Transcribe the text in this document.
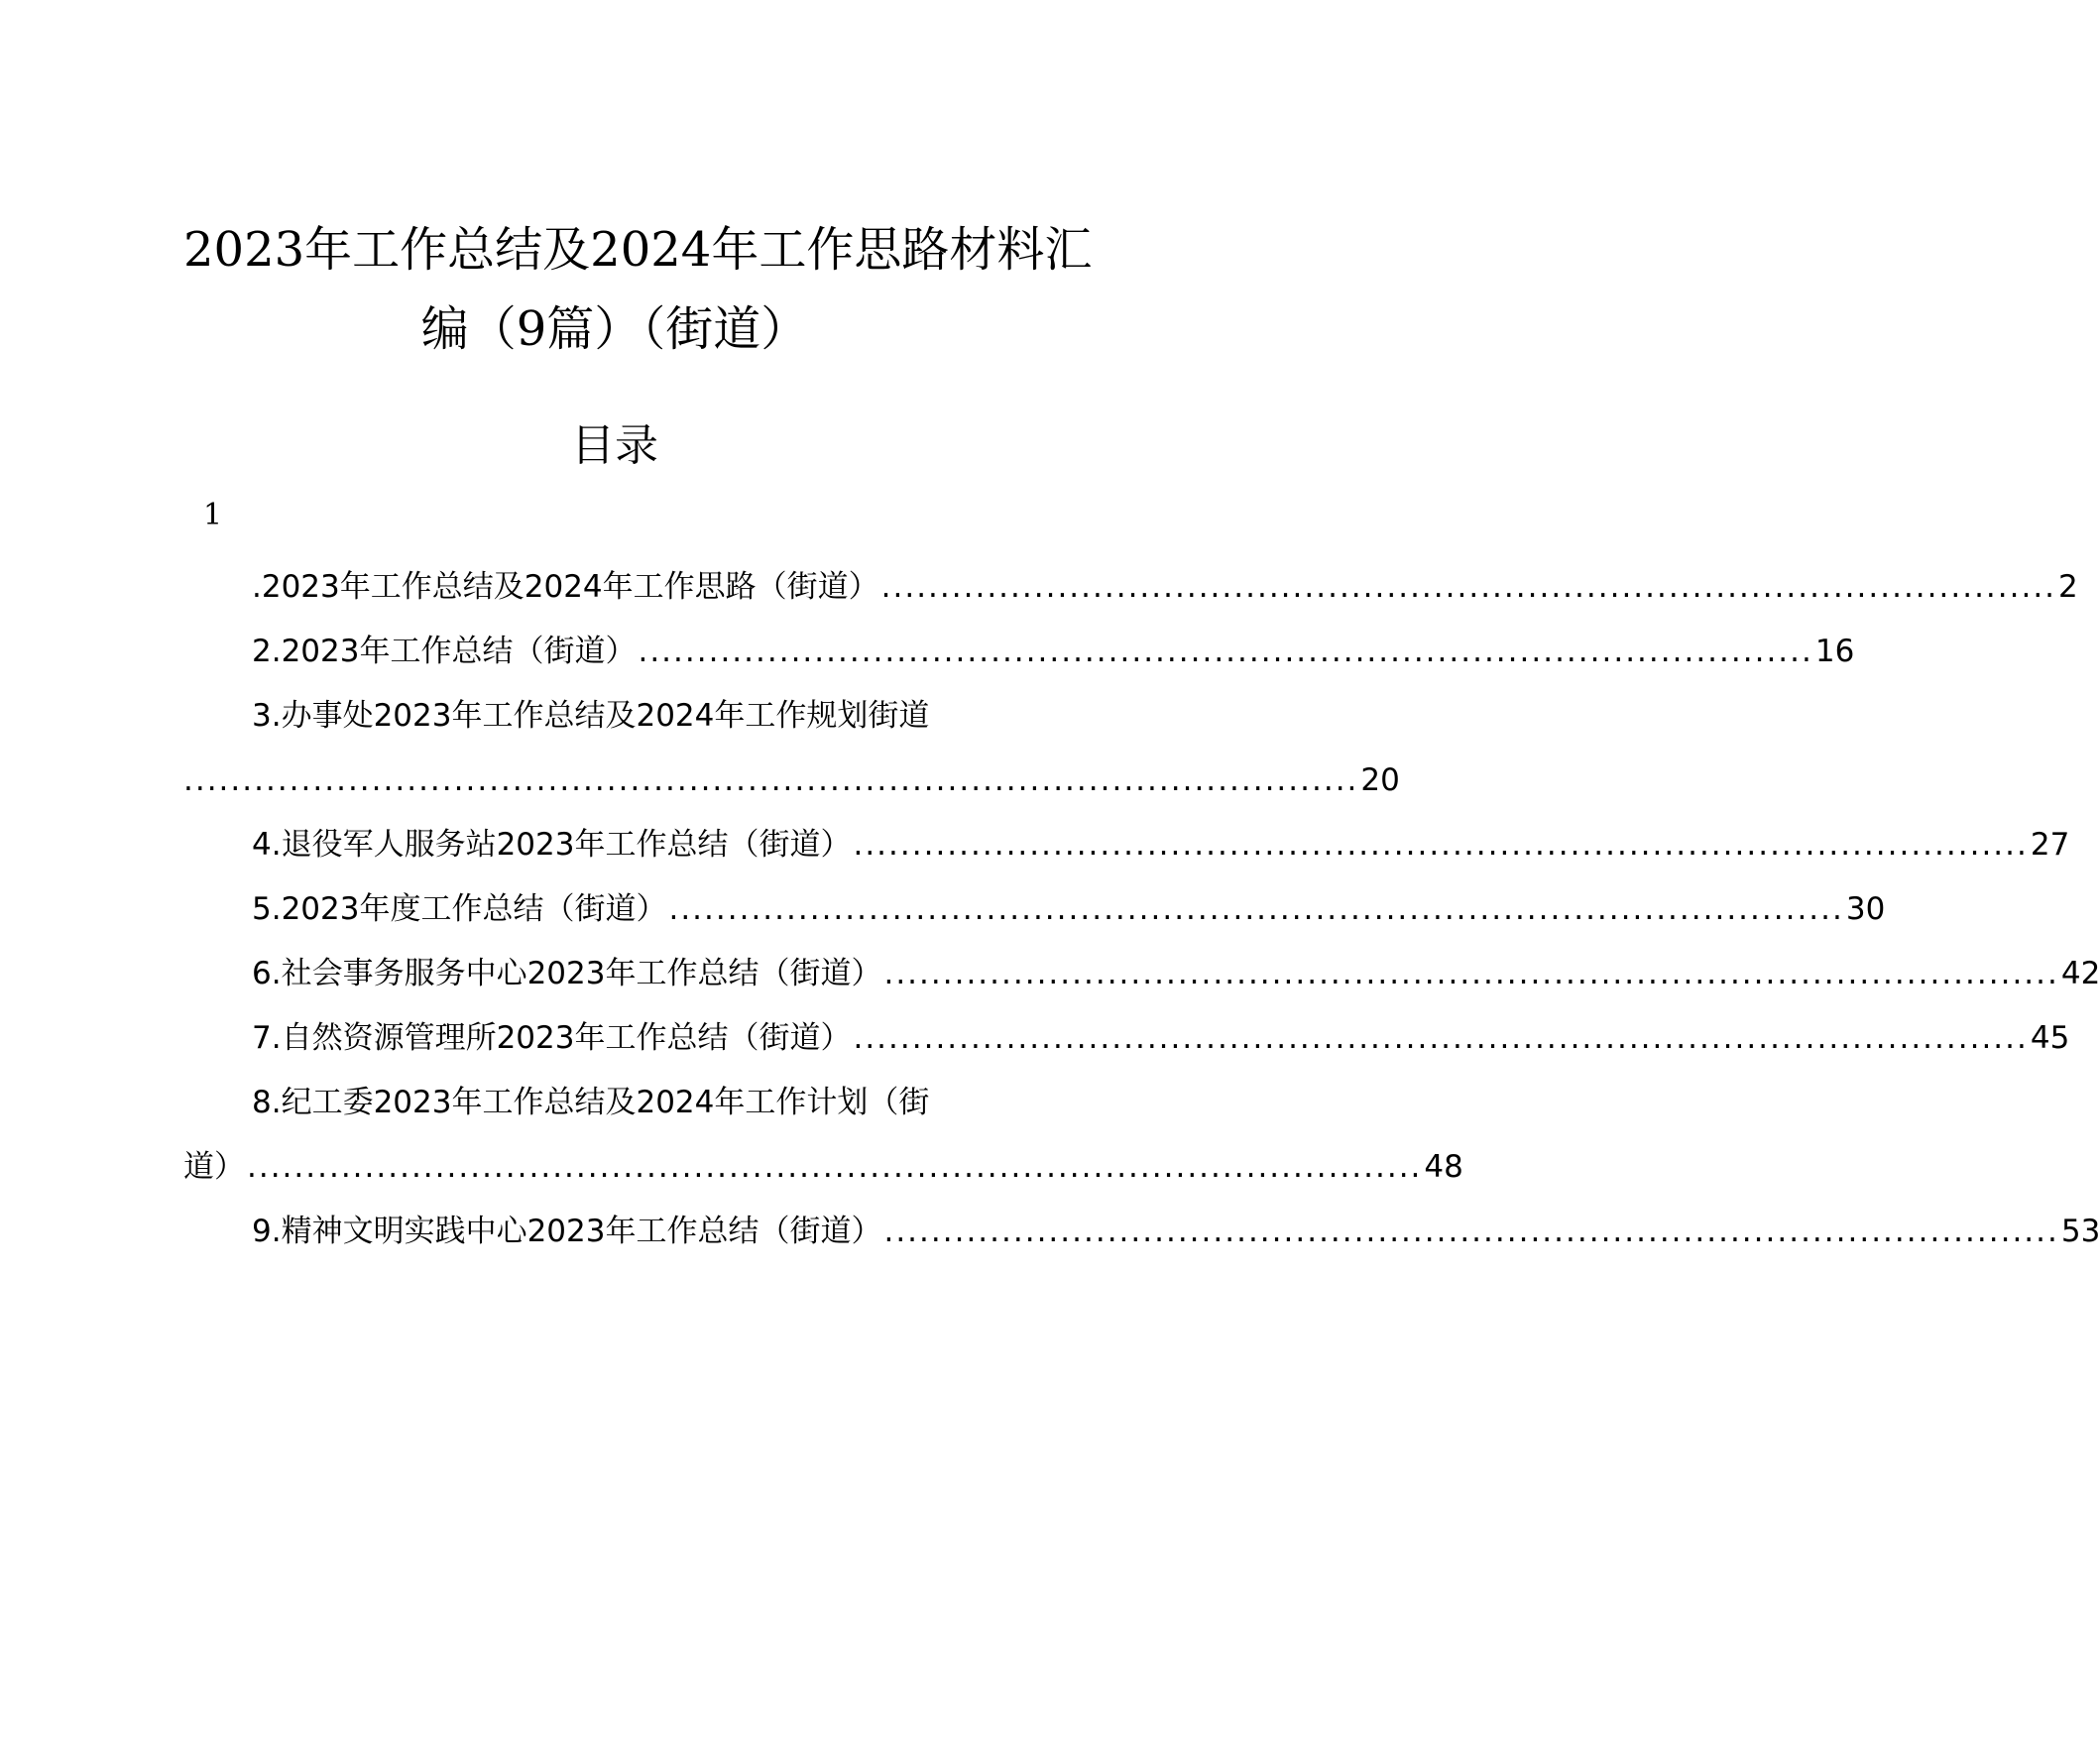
2023年工作总结及2024年工作思路材料汇
编（9篇）（街道）
目录
1
.2023年工作总结及2024年工作思路（街道） .................................................................................................... 2
2.2023年工作总结（街道） .................................................................................................... 16
3.办事处2023年工作总结及2024年工作规划街道
.................................................................................................... 20
4.退役军人服务站2023年工作总结（街道） .................................................................................................... 27
5.2023年度工作总结（街道） .................................................................................................... 30
6.社会事务服务中心2023年工作总结（街道） .................................................................................................... 42
7.自然资源管理所2023年工作总结（街道） .................................................................................................... 45
8.纪工委2023年工作总结及2024年工作计划（街
道） .................................................................................................... 48
9.精神文明实践中心2023年工作总结（街道） .................................................................................................... 53
